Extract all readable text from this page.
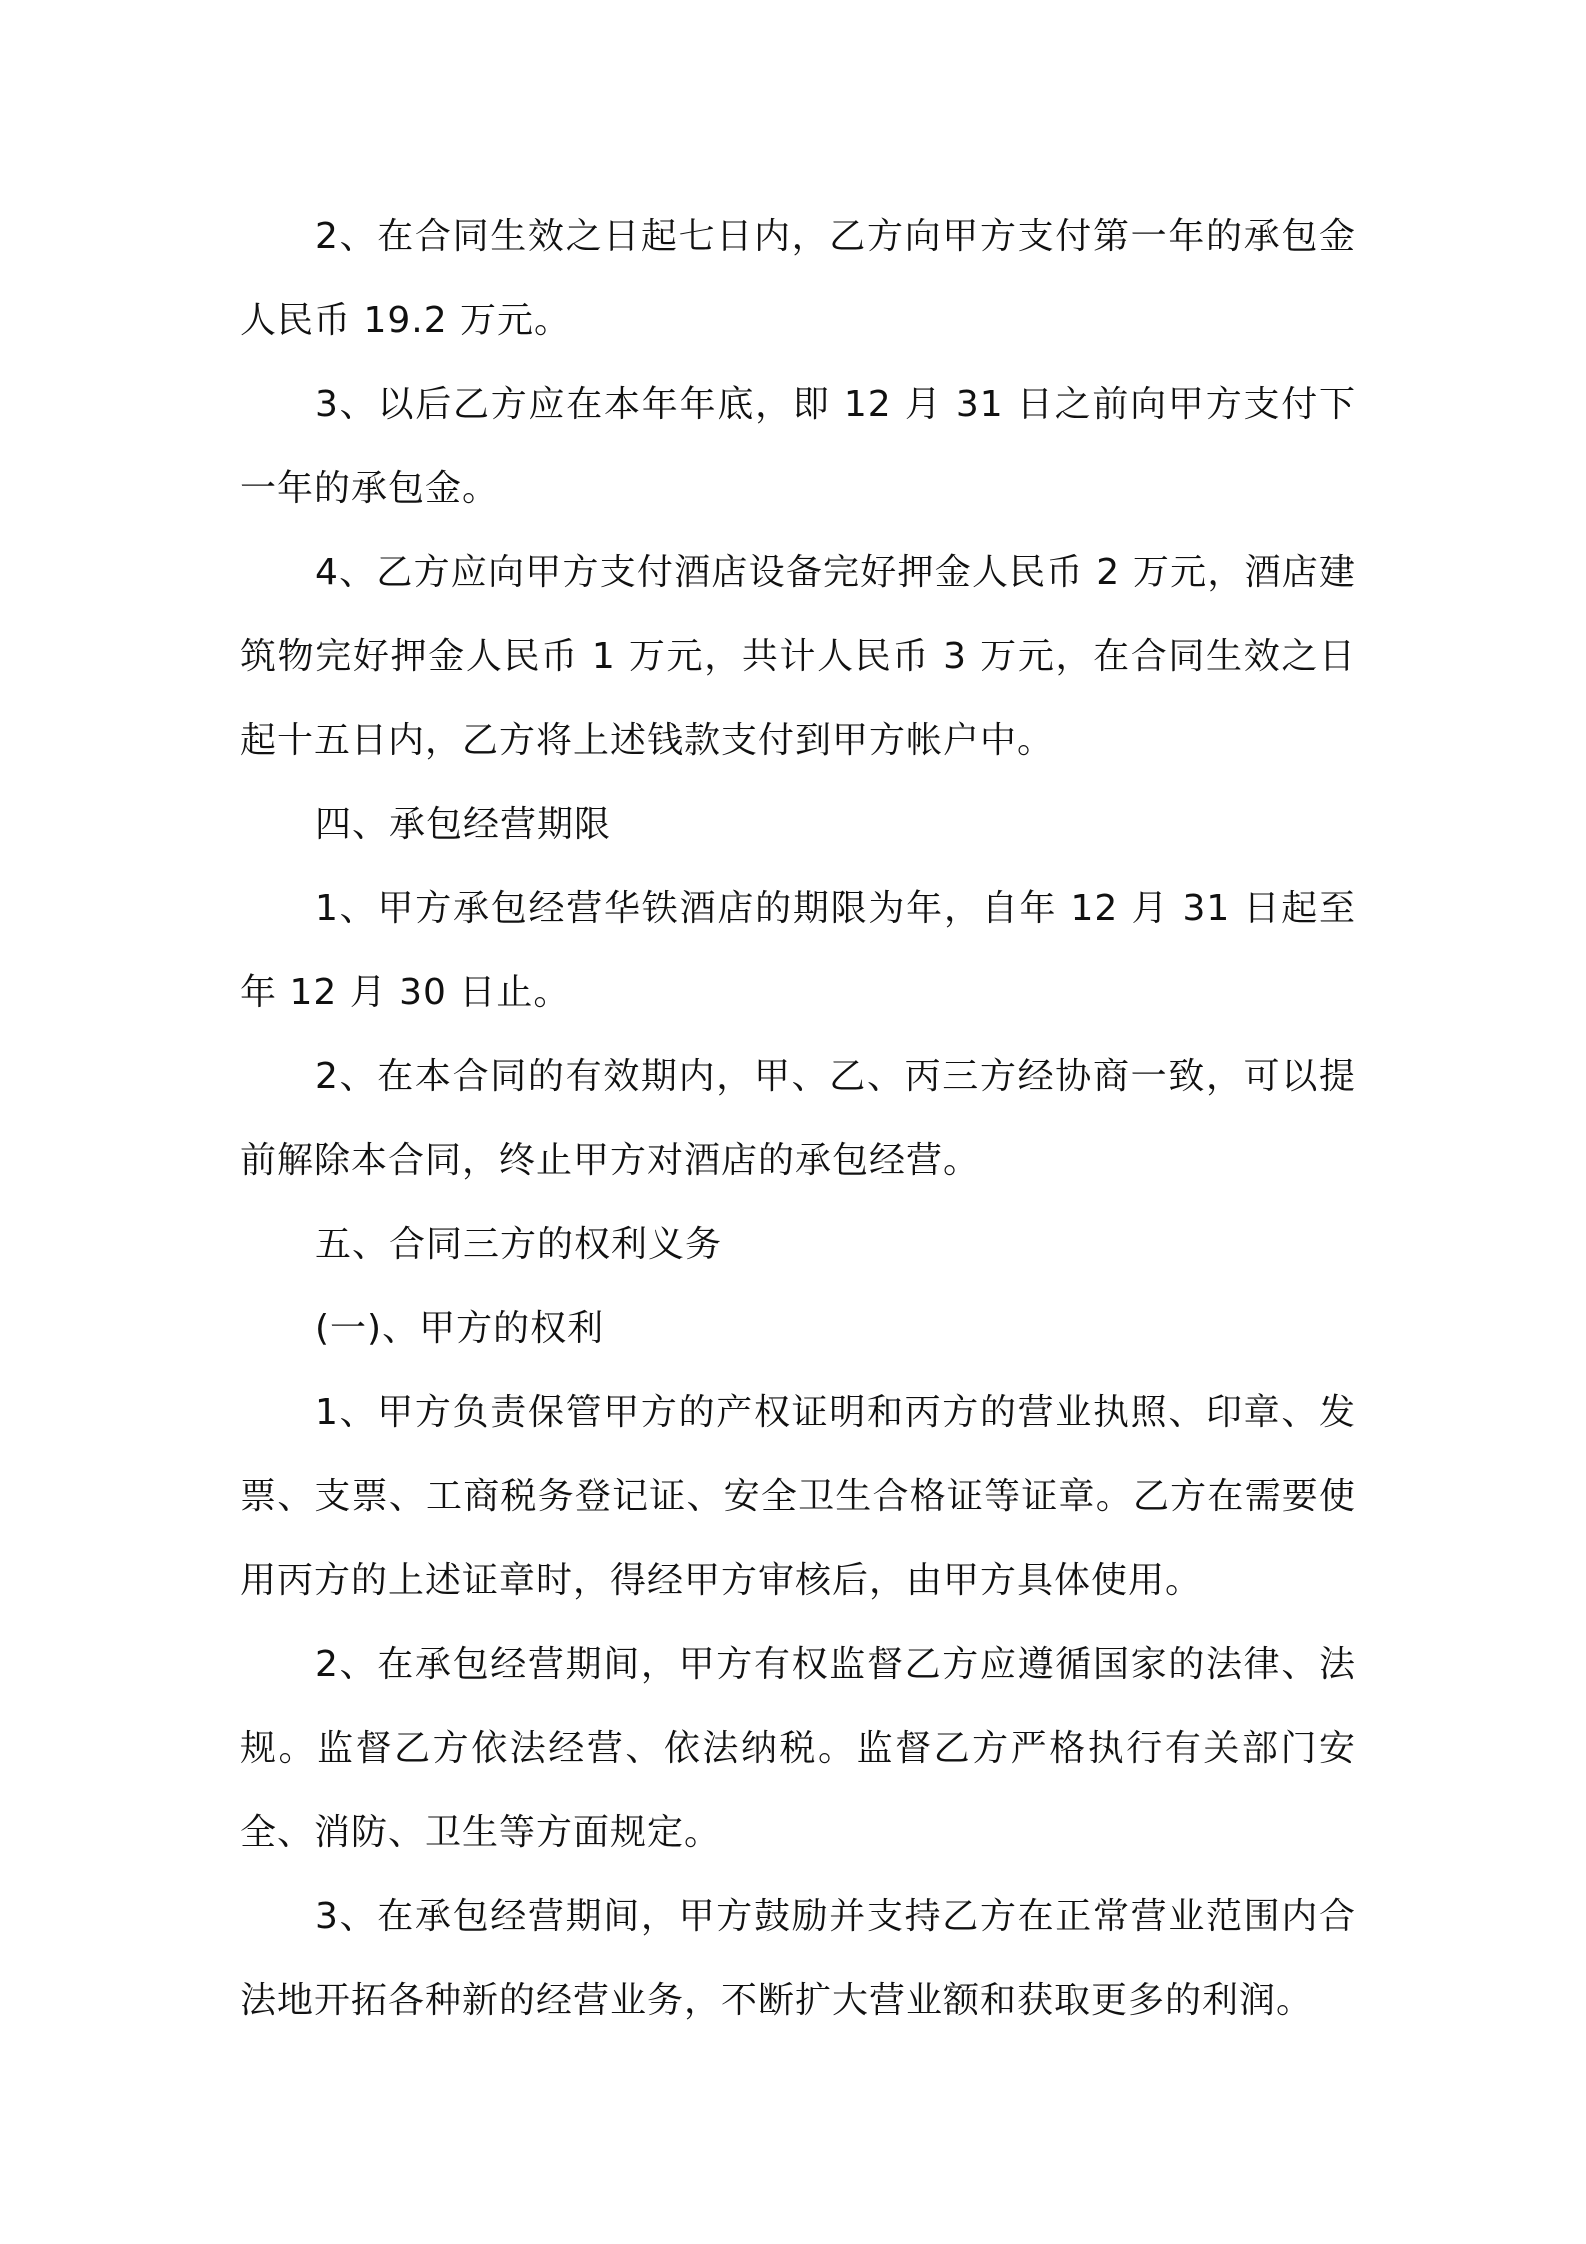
2、在合同生效之日起七日内，乙方向甲方支付第一年的承包金人民币 19.2 万元。

3、以后乙方应在本年年底，即 12 月 31 日之前向甲方支付下一年的承包金。

4、乙方应向甲方支付酒店设备完好押金人民币 2 万元，酒店建筑物完好押金人民币 1 万元，共计人民币 3 万元，在合同生效之日起十五日内，乙方将上述钱款支付到甲方帐户中。

四、承包经营期限

1、甲方承包经营华铁酒店的期限为年，自年 12 月 31 日起至年 12 月 30 日止。

2、在本合同的有效期内，甲、乙、丙三方经协商一致，可以提前解除本合同，终止甲方对酒店的承包经营。

五、合同三方的权利义务

(一)、甲方的权利

1、甲方负责保管甲方的产权证明和丙方的营业执照、印章、发票、支票、工商税务登记证、安全卫生合格证等证章。乙方在需要使用丙方的上述证章时，得经甲方审核后，由甲方具体使用。

2、在承包经营期间，甲方有权监督乙方应遵循国家的法律、法规。监督乙方依法经营、依法纳税。监督乙方严格执行有关部门安全、消防、卫生等方面规定。

3、在承包经营期间，甲方鼓励并支持乙方在正常营业范围内合法地开拓各种新的经营业务，不断扩大营业额和获取更多的利润。
